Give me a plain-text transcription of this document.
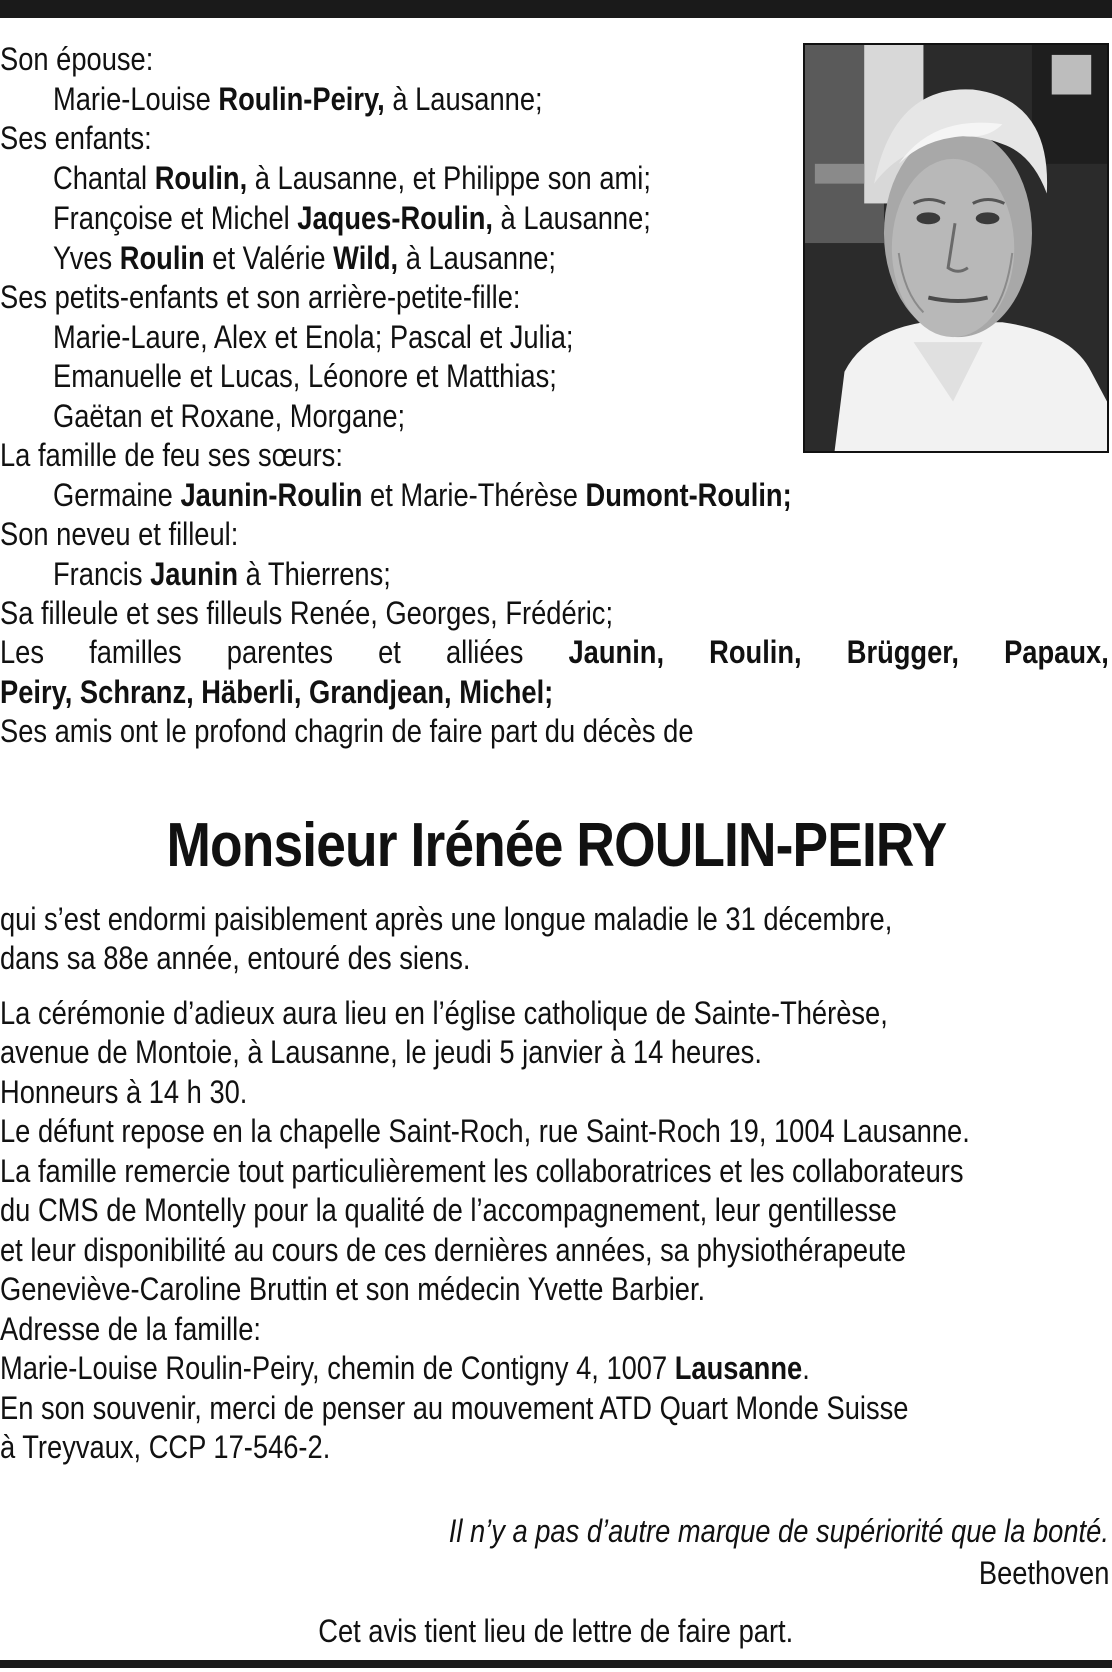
Son épouse:
Marie-Louise Roulin-Peiry, à Lausanne;
Ses enfants:
Chantal Roulin, à Lausanne, et Philippe son ami;
Françoise et Michel Jaques-Roulin, à Lausanne;
Yves Roulin et Valérie Wild, à Lausanne;
Ses petits-enfants et son arrière-petite-fille:
Marie-Laure, Alex et Enola; Pascal et Julia;
Emanuelle et Lucas, Léonore et Matthias;
Gaëtan et Roxane, Morgane;
La famille de feu ses sœurs:
Germaine Jaunin-Roulin et Marie-Thérèse Dumont-Roulin;
Son neveu et filleul:
Francis Jaunin à Thierrens;
Sa filleule et ses filleuls Renée, Georges, Frédéric;
Les familles parentes et alliées Jaunin, Roulin, Brügger, Papaux,
Peiry, Schranz, Häberli, Grandjean, Michel;
Ses amis ont le profond chagrin de faire part du décès de
Monsieur Irénée ROULIN-PEIRY
qui s’est endormi paisiblement après une longue maladie le 31 décembre,
dans sa 88e année, entouré des siens.
La cérémonie d’adieux aura lieu en l’église catholique de Sainte-Thérèse,
avenue de Montoie, à Lausanne, le jeudi 5 janvier à 14 heures.
Honneurs à 14 h 30.
Le défunt repose en la chapelle Saint-Roch, rue Saint-Roch 19, 1004 Lausanne.
La famille remercie tout particulièrement les collaboratrices et les collaborateurs
du CMS de Montelly pour la qualité de l’accompagnement, leur gentillesse
et leur disponibilité au cours de ces dernières années, sa physiothérapeute
Geneviève-Caroline Bruttin et son médecin Yvette Barbier.
Adresse de la famille:
Marie-Louise Roulin-Peiry, chemin de Contigny 4, 1007 Lausanne.
En son souvenir, merci de penser au mouvement ATD Quart Monde Suisse
à Treyvaux, CCP 17-546-2.
Il n’y a pas d’autre marque de supériorité que la bonté.
Beethoven
Cet avis tient lieu de lettre de faire part.
